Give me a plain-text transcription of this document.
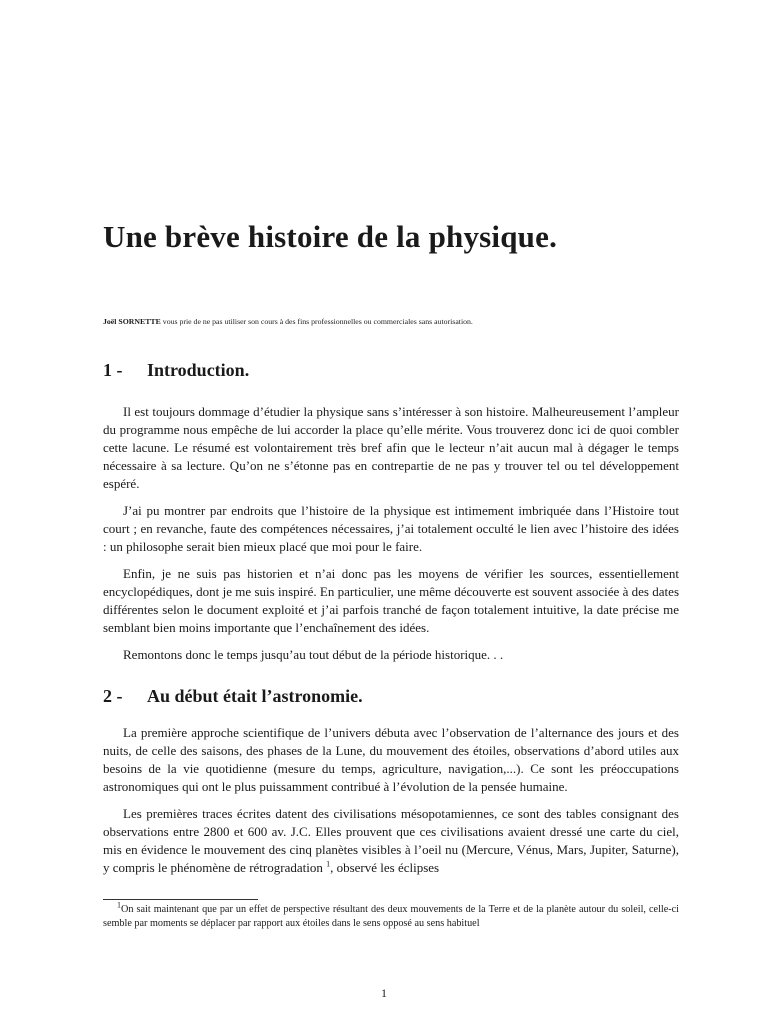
Une brève histoire de la physique.

Joël SORNETTE vous prie de ne pas utiliser son cours à des fins professionnelles ou commerciales sans autorisation.

1 - Introduction.

Il est toujours dommage d’étudier la physique sans s’intéresser à son histoire. Malheureusement l’ampleur du programme nous empêche de lui accorder la place qu’elle mérite. Vous trouverez donc ici de quoi combler cette lacune. Le résumé est volontairement très bref afin que le lecteur n’ait aucun mal à dégager le temps nécessaire à sa lecture. Qu’on ne s’étonne pas en contrepartie de ne pas y trouver tel ou tel développement espéré.

J’ai pu montrer par endroits que l’histoire de la physique est intimement imbriquée dans l’Histoire tout court ; en revanche, faute des compétences nécessaires, j’ai totalement occulté le lien avec l’histoire des idées : un philosophe serait bien mieux placé que moi pour le faire.

Enfin, je ne suis pas historien et n’ai donc pas les moyens de vérifier les sources, essentiellement encyclopédiques, dont je me suis inspiré. En particulier, une même découverte est souvent associée à des dates différentes selon le document exploité et j’ai parfois tranché de façon totalement intuitive, la date précise me semblant bien moins importante que l’enchaînement des idées.

Remontons donc le temps jusqu’au tout début de la période historique. . .

2 - Au début était l’astronomie.

La première approche scientifique de l’univers débuta avec l’observation de l’alternance des jours et des nuits, de celle des saisons, des phases de la Lune, du mouvement des étoiles, observations d’abord utiles aux besoins de la vie quotidienne (mesure du temps, agriculture, navigation,...). Ce sont les préoccupations astronomiques qui ont le plus puissamment contribué à l’évolution de la pensée humaine.

Les premières traces écrites datent des civilisations mésopotamiennes, ce sont des tables consignant des observations entre 2800 et 600 av. J.C. Elles prouvent que ces civilisations avaient dressé une carte du ciel, mis en évidence le mouvement des cinq planètes visibles à l’oeil nu (Mercure, Vénus, Mars, Jupiter, Saturne), y compris le phénomène de rétrogradation $^1$, observé les éclipses

$^1$On sait maintenant que par un effet de perspective résultant des deux mouvements de la Terre et de la planète autour du soleil, celle-ci semble par moments se déplacer par rapport aux étoiles dans le sens opposé au sens habituel

1
